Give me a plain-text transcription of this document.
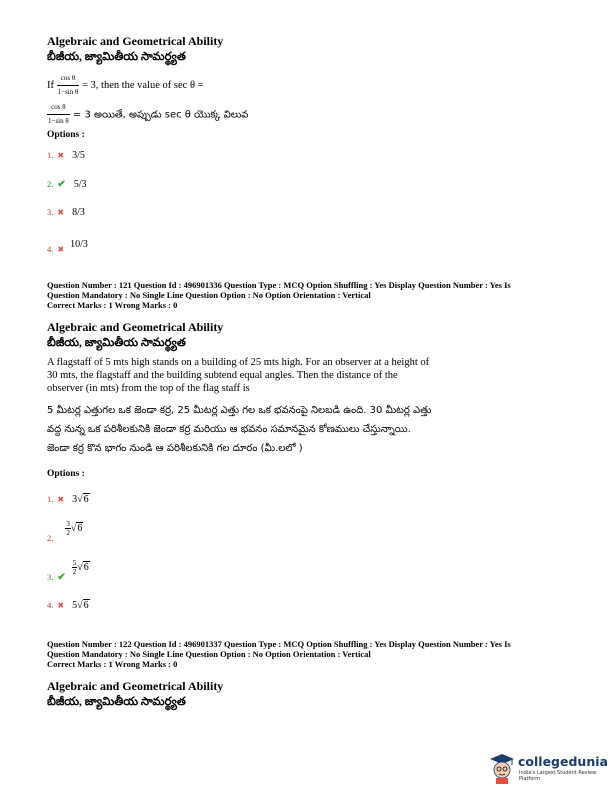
Algebraic and Geometrical Ability
బీజీయ, జ్యామితీయ సామర్థ్యత
If $\frac{\text{cos θ}}{\text{1−sin θ}} = 3$, then the value of sec θ =
$\frac{\text{cos θ}}{\text{1−sin θ}} = 3$ అయితే, అప్పుడు sec θ యొక్క విలువ
Options :
1. ✖ 3/5
2. ✔ 5/3
3. ✖ 8/3
$_{4.}$ ✖ 10/3
Question Number : 121 Question Id : 496901336 Question Type : MCQ Option Shuffling : Yes Display Question Number : Yes Is
Question Mandatory : No Single Line Question Option : No Option Orientation : Vertical
Correct Marks : 1 Wrong Marks : 0
Algebraic and Geometrical Ability
బీజీయ, జ్యామితీయ సామర్థ్యత
A flagstaff of 5 mts high stands on a building of 25 mts high. For an observer at a height of
30 mts, the flagstaff and the building subtend equal angles. Then the distance of the
observer (in mts) from the top of the flag staff is
5 మీటర్ల ఎత్తుగల ఒక జెండా కర్ర, 25 మీటర్ల ఎత్తు గల ఒక భవనంపై నిలబడి ఉంది. 30 మీటర్ల ఎత్తు
వద్ద నున్న ఒక పరిశీలకునికి జెండా కర్ర మరియు ఆ భవనం సమానమైన కోణములు చేస్తున్నాయి.
జెండా కర్ర కొన భాగం నుండి ఆ పరిశీలకునికి గల దూరం (మీ.లలో )
Options :
1. ✖ 3√6
$_{2.}$
$\frac{3}{2} √6$
$_{3.}$ ✔
$\frac{5}{2} √6$
4. ✖ 5√6
Question Number : 122 Question Id : 496901337 Question Type : MCQ Option Shuffling : Yes Display Question Number : Yes Is
Question Mandatory : No Single Line Question Option : No Option Orientation : Vertical
Correct Marks : 1 Wrong Marks : 0
Algebraic and Geometrical Ability
బీజీయ, జ్యామితీయ సామర్థ్యత
collegedunia
India's Largest Student Review Platform
